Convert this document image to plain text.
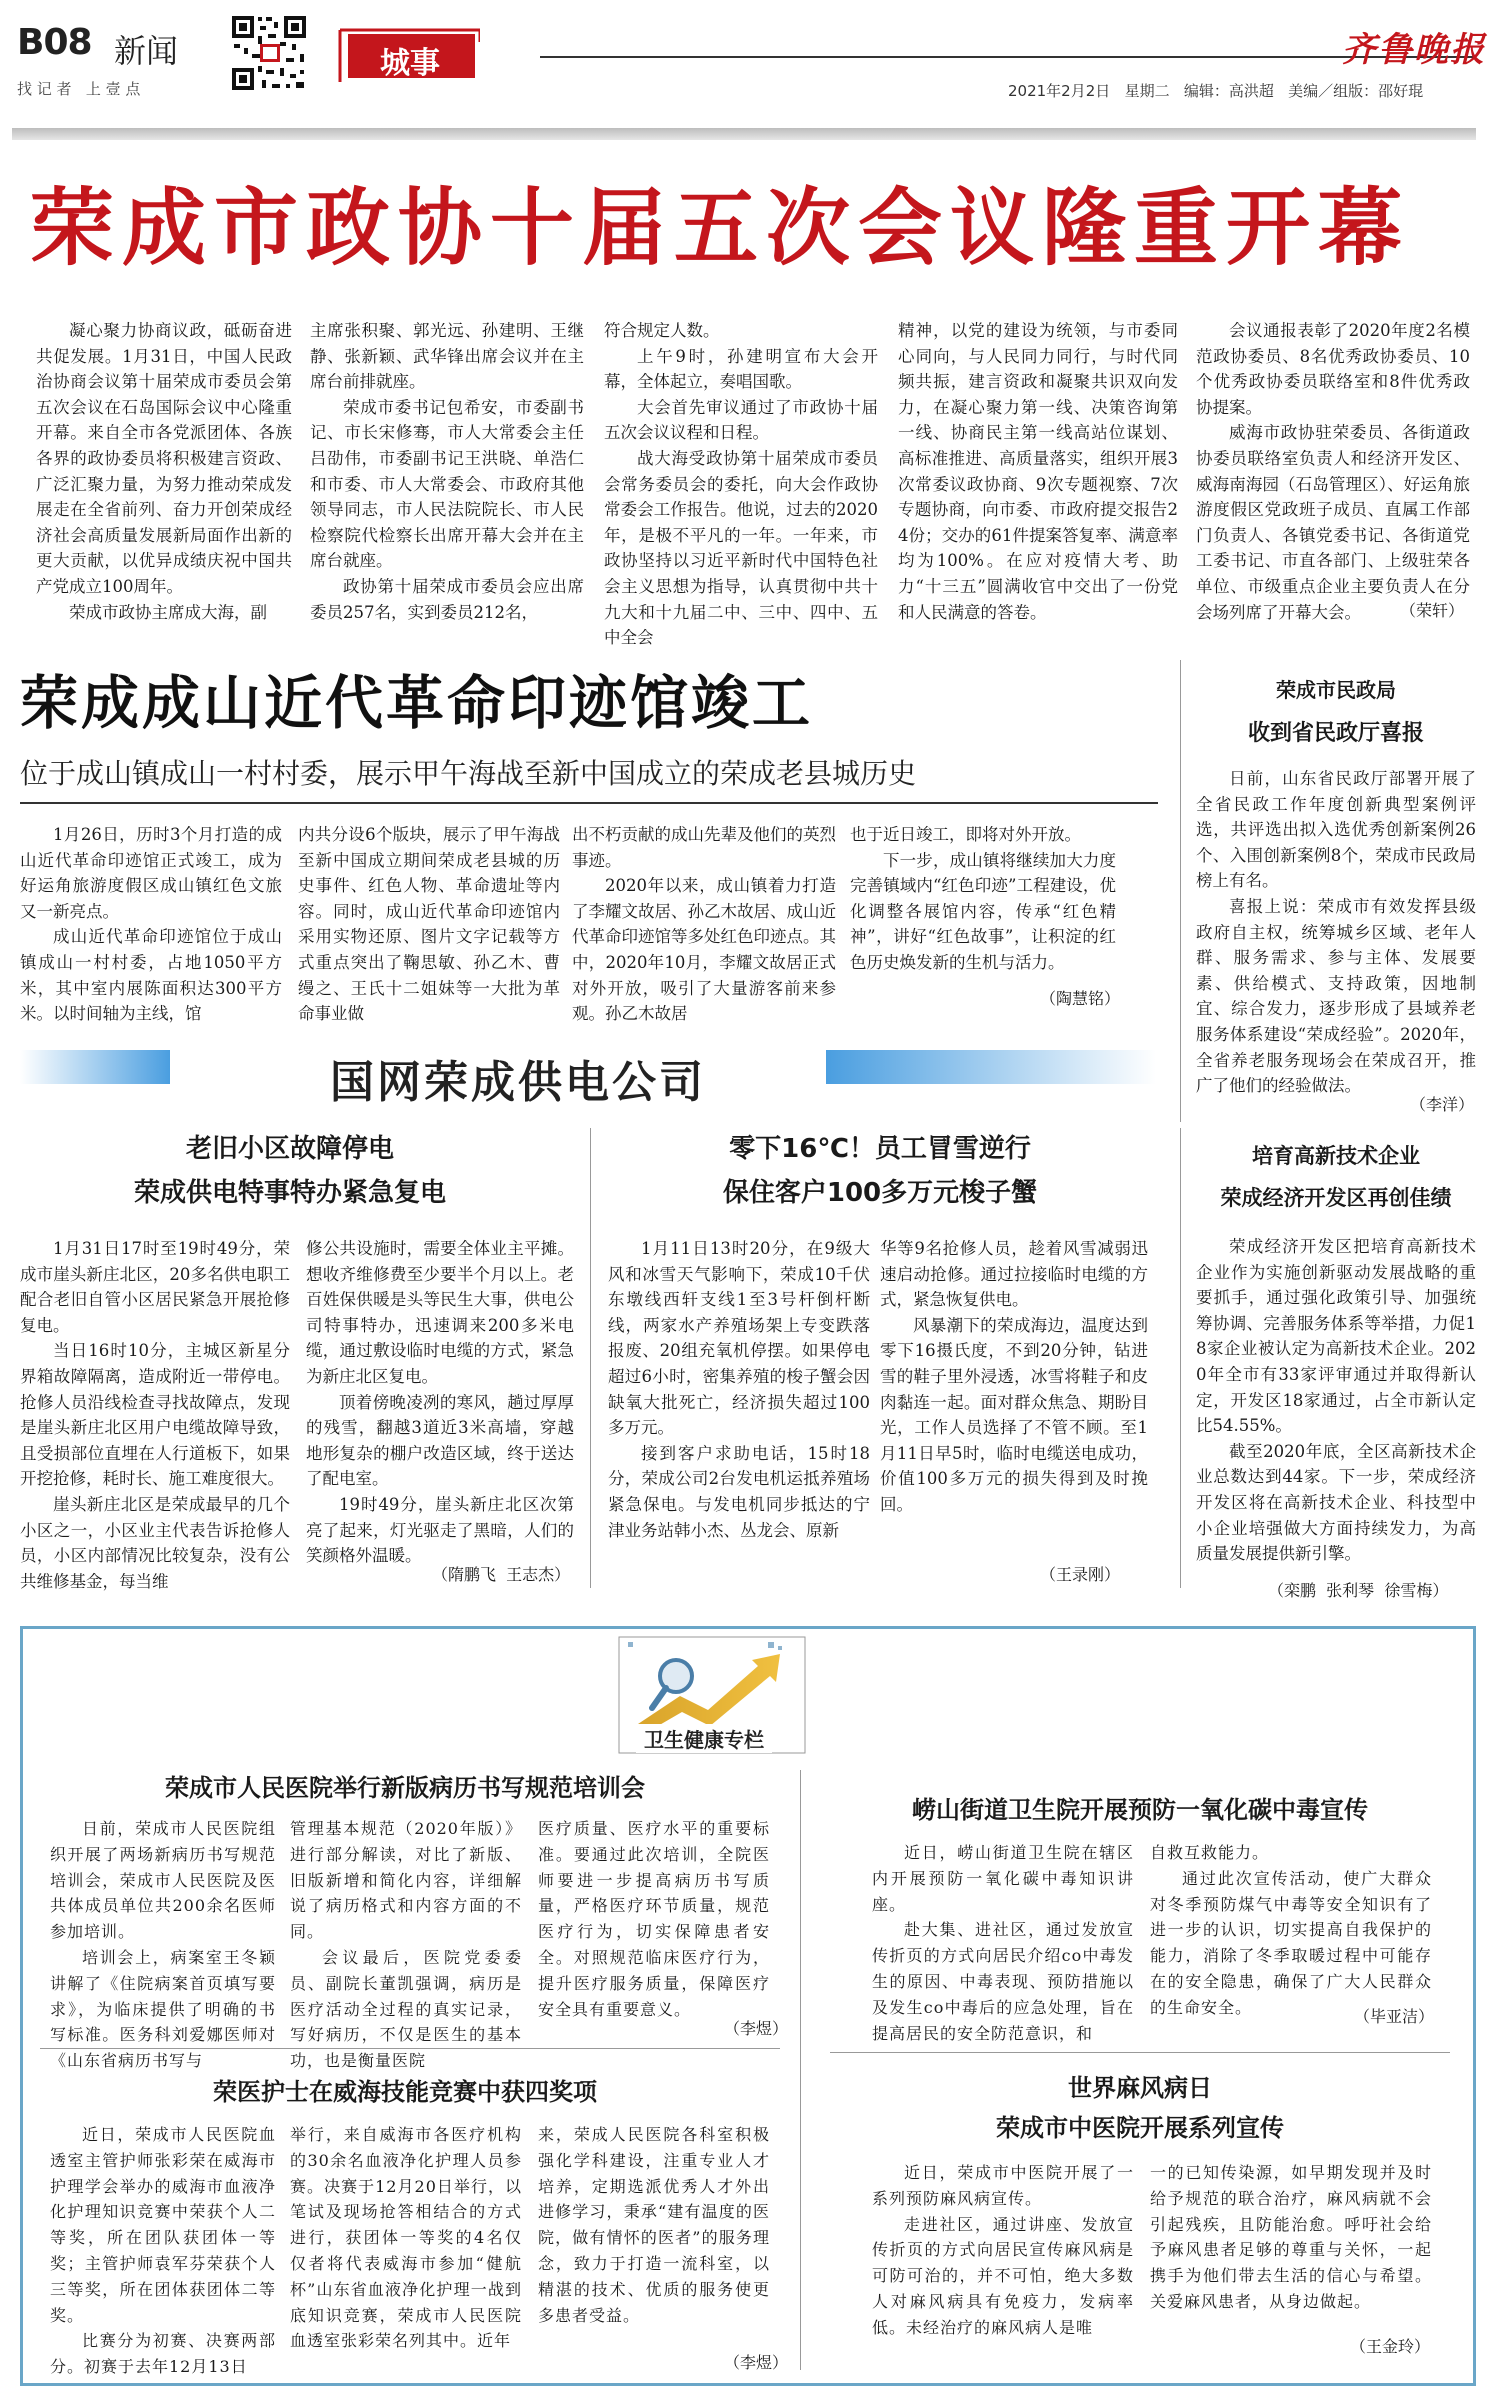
B08 新闻
找 记 者   上 壹 点
城事
2021年2月2日   星期二   编辑：高洪超   美编／组版：邵好琨
齐鲁晚报
荣成市政协十届五次会议隆重开幕

凝心聚力协商议政，砥砺奋进共促发展。1月31日，中国人民政治协商会议第十届荣成市委员会第五次会议在石岛国际会议中心隆重开幕。来自全市各党派团体、各族各界的政协委员将积极建言资政、广泛汇聚力量，为努力推动荣成发展走在全省前列、奋力开创荣成经济社会高质量发展新局面作出新的更大贡献，以优异成绩庆祝中国共产党成立100周年。

荣成市政协主席成大海，副

主席张积聚、郭光远、孙建明、王继静、张新颖、武华锋出席会议并在主席台前排就座。

荣成市委书记包希安，市委副书记、市长宋修骞，市人大常委会主任吕劭伟，市委副书记王洪晓、单浩仁和市委、市人大常委会、市政府其他领导同志，市人民法院院长、市人民检察院代检察长出席开幕大会并在主席台就座。

政协第十届荣成市委员会应出席委员257名，实到委员212名，

符合规定人数。

上午9时，孙建明宣布大会开幕，全体起立，奏唱国歌。

大会首先审议通过了市政协十届五次会议议程和日程。

战大海受政协第十届荣成市委员会常务委员会的委托，向大会作政协常委会工作报告。他说，过去的2020年，是极不平凡的一年。一年来，市政协坚持以习近平新时代中国特色社会主义思想为指导，认真贯彻中共十九大和十九届二中、三中、四中、五中全会

精神，以党的建设为统领，与市委同心同向，与人民同力同行，与时代同频共振，建言资政和凝聚共识双向发力，在凝心聚力第一线、决策咨询第一线、协商民主第一线高站位谋划、高标准推进、高质量落实，组织开展3次常委议政协商、9次专题视察、7次专题协商，向市委、市政府提交报告24份；交办的61件提案答复率、满意率均为100%。在应对疫情大考、助力“十三五”圆满收官中交出了一份党和人民满意的答卷。

会议通报表彰了2020年度2名模范政协委员、8名优秀政协委员、10个优秀政协委员联络室和8件优秀政协提案。

威海市政协驻荣委员、各街道政协委员联络室负责人和经济开发区、威海南海园（石岛管理区）、好运角旅游度假区党政班子成员、直属工作部门负责人、各镇党委书记、各街道党工委书记、市直各部门、上级驻荣各单位、市级重点企业主要负责人在分会场列席了开幕大会。	（荣轩）
荣成成山近代革命印迹馆竣工
位于成山镇成山一村村委，展示甲午海战至新中国成立的荣成老县城历史

1月26日，历时3个月打造的成山近代革命印迹馆正式竣工，成为好运角旅游度假区成山镇红色文旅又一新亮点。

成山近代革命印迹馆位于成山镇成山一村村委，占地1050平方米，其中室内展陈面积达300平方米。以时间轴为主线，馆

内共分设6个版块，展示了甲午海战至新中国成立期间荣成老县城的历史事件、红色人物、革命遗址等内容。同时，成山近代革命印迹馆内采用实物还原、图片文字记载等方式重点突出了鞠思敏、孙乙木、曹缦之、王氏十二姐妹等一大批为革命事业做

出不朽贡献的成山先辈及他们的英烈事迹。

2020年以来，成山镇着力打造了李耀文故居、孙乙木故居、成山近代革命印迹馆等多处红色印迹点。其中，2020年10月，李耀文故居正式对外开放，吸引了大量游客前来参观。孙乙木故居

也于近日竣工，即将对外开放。

下一步，成山镇将继续加大力度完善镇域内“红色印迹”工程建设，优化调整各展馆内容，传承“红色精神”，讲好“红色故事”，让积淀的红色历史焕发新的生机与活力。

（陶慧铭）
荣成市民政局
收到省民政厅喜报

日前，山东省民政厅部署开展了全省民政工作年度创新典型案例评选，共评选出拟入选优秀创新案例26个、入围创新案例8个，荣成市民政局榜上有名。

喜报上说：荣成市有效发挥县级政府自主权，统筹城乡区域、老年人群、服务需求、参与主体、发展要素、供给模式、支持政策，因地制宜、综合发力，逐步形成了县域养老服务体系建设“荣成经验”。2020年，全省养老服务现场会在荣成召开，推广了他们的经验做法。

（李洋）
国网荣成供电公司
老旧小区故障停电
荣成供电特事特办紧急复电

1月31日17时至19时49分，荣成市崖头新庄北区，20多名供电职工配合老旧自管小区居民紧急开展抢修复电。

当日16时10分，主城区新星分界箱故障隔离，造成附近一带停电。抢修人员沿线检查寻找故障点，发现是崖头新庄北区用户电缆故障导致，且受损部位直埋在人行道板下，如果开挖抢修，耗时长、施工难度很大。

崖头新庄北区是荣成最早的几个小区之一，小区业主代表告诉抢修人员，小区内部情况比较复杂，没有公共维修基金，每当维

修公共设施时，需要全体业主平摊。想收齐维修费至少要半个月以上。老百姓保供暖是头等民生大事，供电公司特事特办，迅速调来200多米电缆，通过敷设临时电缆的方式，紧急为新庄北区复电。

顶着傍晚凌冽的寒风，趟过厚厚的残雪，翻越3道近3米高墙，穿越地形复杂的棚户改造区域，终于送达了配电室。

19时49分，崖头新庄北区次第亮了起来，灯光驱走了黑暗，人们的笑颜格外温暖。

（隋鹏飞  王志杰）
零下16℃！员工冒雪逆行
保住客户100多万元梭子蟹

1月11日13时20分，在9级大风和冰雪天气影响下，荣成10千伏东墩线西轩支线1至3号杆倒杆断线，两家水产养殖场架上专变跌落报废、20组充氧机停摆。如果停电超过6小时，密集养殖的梭子蟹会因缺氧大批死亡，经济损失超过100多万元。

接到客户求助电话，15时18分，荣成公司2台发电机运抵养殖场紧急保电。与发电机同步抵达的宁津业务站韩小杰、丛龙会、原新

华等9名抢修人员，趁着风雪减弱迅速启动抢修。通过拉接临时电缆的方式，紧急恢复供电。

风暴潮下的荣成海边，温度达到零下16摄氏度，不到20分钟，钻进雪的鞋子里外浸透，冰雪将鞋子和皮肉黏连一起。面对群众焦急、期盼目光，工作人员选择了不管不顾。至1月11日早5时，临时电缆送电成功，价值100多万元的损失得到及时挽回。

（王录刚）
培育高新技术企业
荣成经济开发区再创佳绩

荣成经济开发区把培育高新技术企业作为实施创新驱动发展战略的重要抓手，通过强化政策引导、加强统筹协调、完善服务体系等举措，力促18家企业被认定为高新技术企业。2020年全市有33家评审通过并取得新认定，开发区18家通过，占全市新认定比54.55%。

截至2020年底，全区高新技术企业总数达到44家。下一步，荣成经济开发区将在高新技术企业、科技型中小企业培强做大方面持续发力，为高质量发展提供新引擎。

（栾鹏  张利琴  徐雪梅）
卫生健康专栏
荣成市人民医院举行新版病历书写规范培训会

日前，荣成市人民医院组织开展了两场新病历书写规范培训会，荣成市人民医院及医共体成员单位共200余名医师参加培训。

培训会上，病案室王冬颖讲解了《住院病案首页填写要求》，为临床提供了明确的书写标准。医务科刘爱娜医师对《山东省病历书写与

管理基本规范（2020年版）》进行部分解读，对比了新版、旧版新增和简化内容，详细解说了病历格式和内容方面的不同。

会议最后，医院党委委员、副院长董凯强调，病历是医疗活动全过程的真实记录，写好病历，不仅是医生的基本功，也是衡量医院

医疗质量、医疗水平的重要标准。要通过此次培训，全院医师要进一步提高病历书写质量，严格医疗环节质量，规范医疗行为，切实保障患者安全。对照规范临床医疗行为，提升医疗服务质量，保障医疗安全具有重要意义。

（李煜）
崂山街道卫生院开展预防一氧化碳中毒宣传

近日，崂山街道卫生院在辖区内开展预防一氧化碳中毒知识讲座。

赴大集、进社区，通过发放宣传折页的方式向居民介绍co中毒发生的原因、中毒表现、预防措施以及发生co中毒后的应急处理，旨在提高居民的安全防范意识，和

自救互救能力。

通过此次宣传活动，使广大群众对冬季预防煤气中毒等安全知识有了进一步的认识，切实提高自我保护的能力，消除了冬季取暖过程中可能存在的安全隐患，确保了广大人民群众的生命安全。	（毕亚洁）
荣医护士在威海技能竞赛中获四奖项

近日，荣成市人民医院血透室主管护师张彩荣在威海市护理学会举办的威海市血液净化护理知识竞赛中荣获个人二等奖，所在团队获团体一等奖；主管护师袁军芬荣获个人三等奖，所在团体获团体二等奖。

比赛分为初赛、决赛两部分。初赛于去年12月13日

举行，来自威海市各医疗机构的30余名血液净化护理人员参赛。决赛于12月20日举行，以笔试及现场抢答相结合的方式进行，获团体一等奖的4名仅仅者将代表威海市参加“健航杯”山东省血液净化护理一战到底知识竞赛，荣成市人民医院血透室张彩荣名列其中。近年

来，荣成人民医院各科室积极强化学科建设，注重专业人才培养，定期选派优秀人才外出进修学习，秉承“建有温度的医院，做有情怀的医者”的服务理念，致力于打造一流科室，以精湛的技术、优质的服务使更多患者受益。

（李煜）
世界麻风病日
荣成市中医院开展系列宣传

近日，荣成市中医院开展了一系列预防麻风病宣传。

走进社区，通过讲座、发放宣传折页的方式向居民宣传麻风病是可防可治的，并不可怕，绝大多数人对麻风病具有免疫力，发病率低。未经治疗的麻风病人是唯

一的已知传染源，如早期发现并及时给予规范的联合治疗，麻风病就不会引起残疾，且防能治愈。呼吁社会给予麻风患者足够的尊重与关怀，一起携手为他们带去生活的信心与希望。关爱麻风患者，从身边做起。

（王金玲）
